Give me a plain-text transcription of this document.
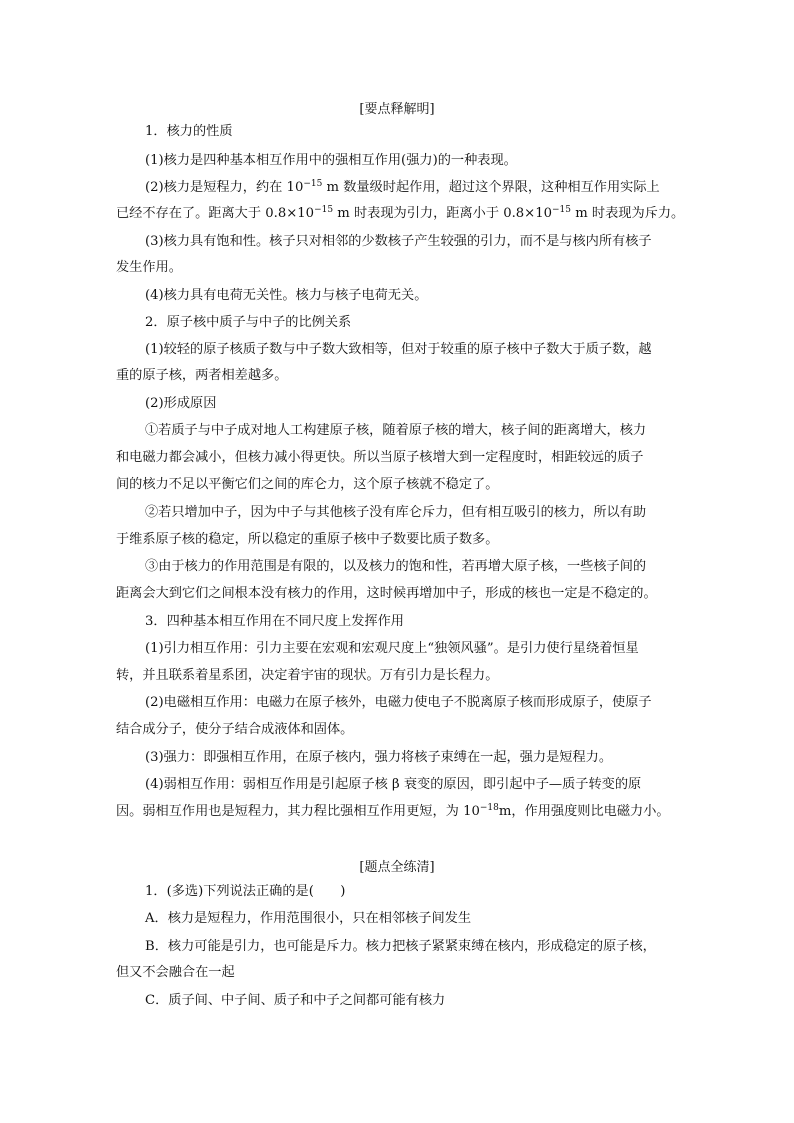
[要点释解明]
1．核力的性质
(1)核力是四种基本相互作用中的强相互作用(强力)的一种表现。
(2)核力是短程力，约在 $10^{-15}$ m 数量级时起作用，超过这个界限，这种相互作用实际上
已经不存在了。距离大于 $0.8\times 10^{-15}$ m 时表现为引力，距离小于 $0.8\times 10^{-15}$ m 时表现为斥力。
(3)核力具有饱和性。核子只对相邻的少数核子产生较强的引力，而不是与核内所有核子
发生作用。
(4)核力具有电荷无关性。核力与核子电荷无关。
2．原子核中质子与中子的比例关系
(1)较轻的原子核质子数与中子数大致相等，但对于较重的原子核中子数大于质子数，越
重的原子核，两者相差越多。
(2)形成原因
①若质子与中子成对地人工构建原子核，随着原子核的增大，核子间的距离增大，核力
和电磁力都会减小，但核力减小得更快。所以当原子核增大到一定程度时，相距较远的质子
间的核力不足以平衡它们之间的库仑力，这个原子核就不稳定了。
②若只增加中子，因为中子与其他核子没有库仑斥力，但有相互吸引的核力，所以有助
于维系原子核的稳定，所以稳定的重原子核中子数要比质子数多。
③由于核力的作用范围是有限的，以及核力的饱和性，若再增大原子核，一些核子间的
距离会大到它们之间根本没有核力的作用，这时候再增加中子，形成的核也一定是不稳定的。
3．四种基本相互作用在不同尺度上发挥作用
(1)引力相互作用：引力主要在宏观和宏观尺度上“独领风骚”。是引力使行星绕着恒星
转，并且联系着星系团，决定着宇宙的现状。万有引力是长程力。
(2)电磁相互作用：电磁力在原子核外，电磁力使电子不脱离原子核而形成原子，使原子
结合成分子，使分子结合成液体和固体。
(3)强力：即强相互作用，在原子核内，强力将核子束缚在一起，强力是短程力。
(4)弱相互作用：弱相互作用是引起原子核 β 衰变的原因，即引起中子—质子转变的原
因。弱相互作用也是短程力，其力程比强相互作用更短，为 $10^{-18}m$，作用强度则比电磁力小。
[题点全练清]
1．(多选)下列说法正确的是(　　)
A．核力是短程力，作用范围很小，只在相邻核子间发生
B．核力可能是引力，也可能是斥力。核力把核子紧紧束缚在核内，形成稳定的原子核，
但又不会融合在一起
C．质子间、中子间、质子和中子之间都可能有核力
